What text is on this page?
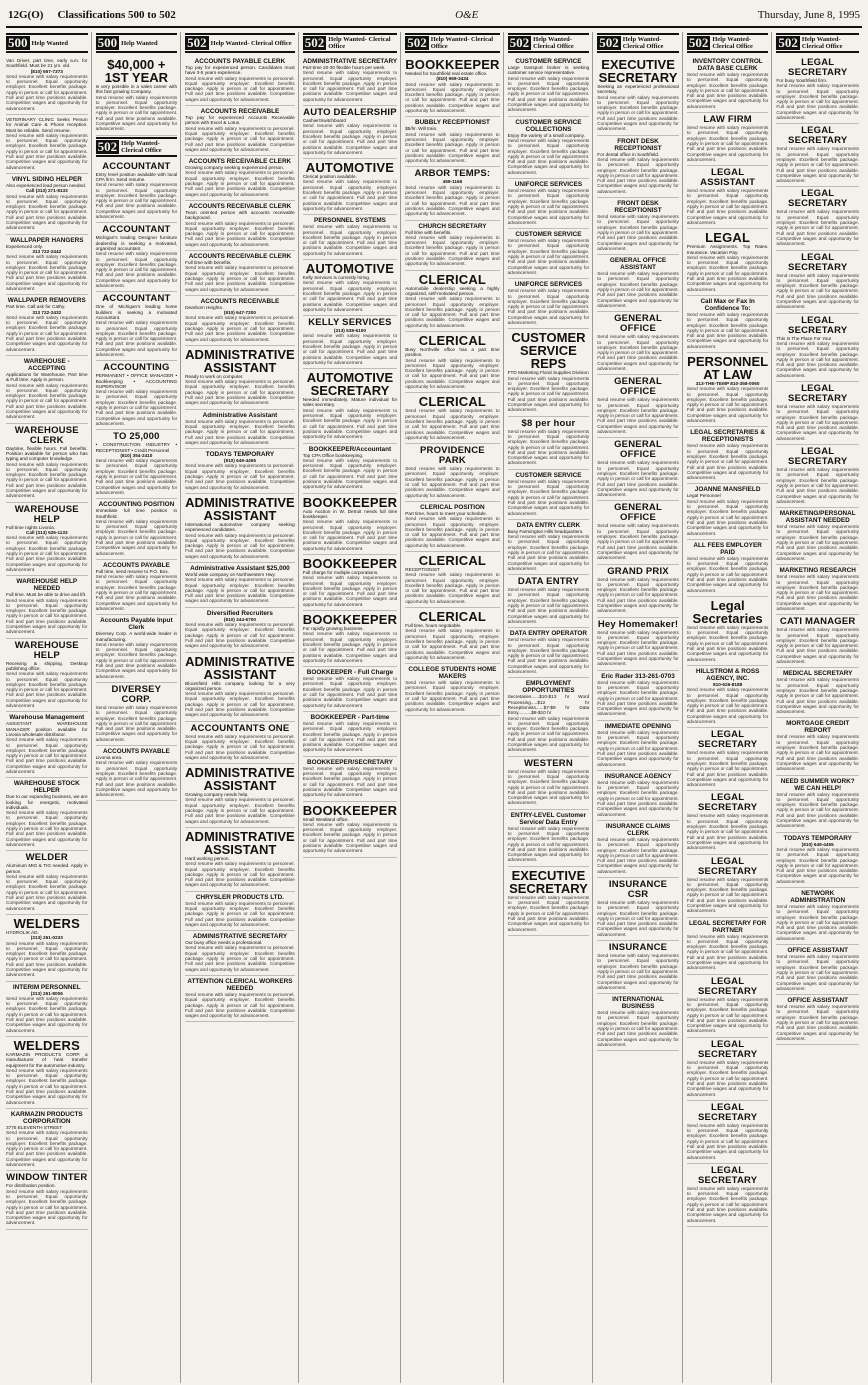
12G(O) Classifications 500 to 502	O&E	Thursday, June 8, 1995
500 Help Wanted
Van Driver, part time, early a.m. for Southfield. Must be 21 yrs. old.
(810) 557-7373
Send resume with salary requirements to personnel. Equal opportunity employer. Excellent benefits package. Apply in person or call for appointment. Full and part time positions available. Competitive wages and opportunity for advancement.
VETERINARY CLINIC Seeks Person for Animal Care & Phone reception. Must be reliable. Send resume.
Send resume with salary requirements to personnel. Equal opportunity employer. Excellent benefits package. Apply in person or call for appointment. Full and part time positions available. Competitive wages and opportunity for advancement.
VINYL SIDING HELPER
Also experienced lead person needed.
Call (313) 271-8133
Send resume with salary requirements to personnel. Equal opportunity employer. Excellent benefits package. Apply in person or call for appointment. Full and part time positions available. Competitive wages and opportunity for advancement.
WALLPAPER HANGERS
Experienced only.
313 722-2442
Send resume with salary requirements to personnel. Equal opportunity employer. Excellent benefits package. Apply in person or call for appointment. Full and part time positions available. Competitive wages and opportunity for advancement.
WALLPAPER REMOVERS
Part time. Call ask for Cathy.
313 722-2432
Send resume with salary requirements to personnel. Equal opportunity employer. Excellent benefits package. Apply in person or call for appointment. Full and part time positions available. Competitive wages and opportunity for advancement.
WAREHOUSE - ACCEPTING
Applications for Warehouse, Part time & Full time. Apply in person.
Send resume with salary requirements to personnel. Equal opportunity employer. Excellent benefits package. Apply in person or call for appointment. Full and part time positions available. Competitive wages and opportunity for advancement.
WAREHOUSE CLERK
Daytime, flexible hours. Full benefits. Position available for person who has typing and computer knowledge.
Send resume with salary requirements to personnel. Equal opportunity employer. Excellent benefits package. Apply in person or call for appointment. Full and part time positions available. Competitive wages and opportunity for advancement.
WAREHOUSE HELP
Full time nights Livonia.
Call (313) 525-1133
Send resume with salary requirements to personnel. Equal opportunity employer. Excellent benefits package. Apply in person or call for appointment. Full and part time positions available. Competitive wages and opportunity for advancement.
WAREHOUSE HELP NEEDED
Full time. Must be able to drive and lift.
Send resume with salary requirements to personnel. Equal opportunity employer. Excellent benefits package. Apply in person or call for appointment. Full and part time positions available. Competitive wages and opportunity for advancement.
WAREHOUSE HELP
Receiving & shipping. Desktop publishing office.
Send resume with salary requirements to personnel. Equal opportunity employer. Excellent benefits package. Apply in person or call for appointment. Full and part time positions available. Competitive wages and opportunity for advancement.
Warehouse Management
ASSISTANT WAREHOUSE MANAGER position available for Livonia wholesale distributor.
Send resume with salary requirements to personnel. Equal opportunity employer. Excellent benefits package. Apply in person or call for appointment. Full and part time positions available. Competitive wages and opportunity for advancement.
WAREHOUSE STOCK HELPER
Due to our expanding business, we are looking for energetic, motivated individuals.
Send resume with salary requirements to personnel. Equal opportunity employer. Excellent benefits package. Apply in person or call for appointment. Full and part time positions available. Competitive wages and opportunity for advancement.
WELDER
Aluminum MIG & TIG needed. Apply in person.
Send resume with salary requirements to personnel. Equal opportunity employer. Excellent benefits package. Apply in person or call for appointment. Full and part time positions available. Competitive wages and opportunity for advancement.
WELDERS
HYDROLIK AD.
(313) 261-0233
Send resume with salary requirements to personnel. Equal opportunity employer. Excellent benefits package. Apply in person or call for appointment. Full and part time positions available. Competitive wages and opportunity for advancement.
INTERIM PERSONNEL
(313) 261-8006
Send resume with salary requirements to personnel. Equal opportunity employer. Excellent benefits package. Apply in person or call for appointment. Full and part time positions available. Competitive wages and opportunity for advancement.
WELDERS
KARMAZIN PRODUCTS CORP. a manufacturer of heat transfer equipment for the automotive industry.
Send resume with salary requirements to personnel. Equal opportunity employer. Excellent benefits package. Apply in person or call for appointment. Full and part time positions available. Competitive wages and opportunity for advancement.
KARMAZIN PRODUCTS CORPORATION
3776 ELEVENTH STREET
Send resume with salary requirements to personnel. Equal opportunity employer. Excellent benefits package. Apply in person or call for appointment. Full and part time positions available. Competitive wages and opportunity for advancement.
WINDOW TINTER
For distribution position.
Send resume with salary requirements to personnel. Equal opportunity employer. Excellent benefits package. Apply in person or call for appointment. Full and part time positions available. Competitive wages and opportunity for advancement.
500 Help Wanted
$40,000 + 1ST YEAR
Is very possible in a sales career with this fast growing Company.
Send resume with salary requirements to personnel. Equal opportunity employer. Excellent benefits package. Apply in person or call for appointment. Full and part time positions available. Competitive wages and opportunity for advancement.
502 Help Wanted- Clerical Office
ACCOUNTANT
Entry level position available with local CPA firm. Send resume.
Send resume with salary requirements to personnel. Equal opportunity employer. Excellent benefits package. Apply in person or call for appointment. Full and part time positions available. Competitive wages and opportunity for advancement.
ACCOUNTANT
Michigan's leading Designer furniture dealership is seeking a motivated, organized accountant.
Send resume with salary requirements to personnel. Equal opportunity employer. Excellent benefits package. Apply in person or call for appointment. Full and part time positions available. Competitive wages and opportunity for advancement.
ACCOUNTANT
One of Michigan's leading home builders is seeking a motivated Accountant.
Send resume with salary requirements to personnel. Equal opportunity employer. Excellent benefits package. Apply in person or call for appointment. Full and part time positions available. Competitive wages and opportunity for advancement.
ACCOUNTING
PERMANENT • OFFICE MANAGER • Bookkeeping • ACCOUNTING SUPERVISOR
Send resume with salary requirements to personnel. Equal opportunity employer. Excellent benefits package. Apply in person or call for appointment. Full and part time positions available. Competitive wages and opportunity for advancement.
TO 25,000
• CONSTRUCTION INDUSTRY • RECEPTIONIST • Credit Personnel
(810) 354-2410
Send resume with salary requirements to personnel. Equal opportunity employer. Excellent benefits package. Apply in person or call for appointment. Full and part time positions available. Competitive wages and opportunity for advancement.
ACCOUNTING POSITION
Immediate full time position in Southfield.
Send resume with salary requirements to personnel. Equal opportunity employer. Excellent benefits package. Apply in person or call for appointment. Full and part time positions available. Competitive wages and opportunity for advancement.
ACCOUNTS PAYABLE
Full time, send resume to P.O. Box.
Send resume with salary requirements to personnel. Equal opportunity employer. Excellent benefits package. Apply in person or call for appointment. Full and part time positions available. Competitive wages and opportunity for advancement.
Accounts Payable Input Clerk
Diversey Corp. A world-wide leader in manufacturing.
Send resume with salary requirements to personnel. Equal opportunity employer. Excellent benefits package. Apply in person or call for appointment. Full and part time positions available. Competitive wages and opportunity for advancement.
DIVERSEY CORP.
Send resume with salary requirements to personnel. Equal opportunity employer. Excellent benefits package. Apply in person or call for appointment. Full and part time positions available. Competitive wages and opportunity for advancement.
ACCOUNTS PAYABLE
Livonia area.
Send resume with salary requirements to personnel. Equal opportunity employer. Excellent benefits package. Apply in person or call for appointment. Full and part time positions available. Competitive wages and opportunity for advancement.
502 Help Wanted- Clerical Office
ACCOUNTS PAYABLE CLERK
Top pay for experienced person. Candidates must have 3-5 years experience.
Send resume with salary requirements to personnel. Equal opportunity employer. Excellent benefits package. Apply in person or call for appointment. Full and part time positions available. Competitive wages and opportunity for advancement.
ACCOUNTS RECEIVABLE
Top pay for experienced Accounts Receivable person with Excel & Lotus.
Send resume with salary requirements to personnel. Equal opportunity employer. Excellent benefits package. Apply in person or call for appointment. Full and part time positions available. Competitive wages and opportunity for advancement.
ACCOUNTS RECEIVABLE CLERK
Growing company seeking experienced person.
Send resume with salary requirements to personnel. Equal opportunity employer. Excellent benefits package. Apply in person or call for appointment. Full and part time positions available. Competitive wages and opportunity for advancement.
ACCOUNTS RECEIVABLE CLERK
Team oriented person with accounts receivable background.
Send resume with salary requirements to personnel. Equal opportunity employer. Excellent benefits package. Apply in person or call for appointment. Full and part time positions available. Competitive wages and opportunity for advancement.
ACCOUNTS RECEIVABLE CLERK
Full time with benefits.
Send resume with salary requirements to personnel. Equal opportunity employer. Excellent benefits package. Apply in person or call for appointment. Full and part time positions available. Competitive wages and opportunity for advancement.
ACCOUNTS RECEIVABLE
Dearborn Heights.
(810) 647-7200
Send resume with salary requirements to personnel. Equal opportunity employer. Excellent benefits package. Apply in person or call for appointment. Full and part time positions available. Competitive wages and opportunity for advancement.
ADMINISTRATIVE ASSISTANT
Ready to work on computer.
Send resume with salary requirements to personnel. Equal opportunity employer. Excellent benefits package. Apply in person or call for appointment. Full and part time positions available. Competitive wages and opportunity for advancement.
Administrative Assistant
Send resume with salary requirements to personnel. Equal opportunity employer. Excellent benefits package. Apply in person or call for appointment. Full and part time positions available. Competitive wages and opportunity for advancement.
TODAYS TEMPORARY
(810) 649-4455
Send resume with salary requirements to personnel. Equal opportunity employer. Excellent benefits package. Apply in person or call for appointment. Full and part time positions available. Competitive wages and opportunity for advancement.
ADMINISTRATIVE ASSISTANT
International automotive company seeking experienced candidates.
Send resume with salary requirements to personnel. Equal opportunity employer. Excellent benefits package. Apply in person or call for appointment. Full and part time positions available. Competitive wages and opportunity for advancement.
Administrative Assistant $25,000
World wide company on Northwestern Hwy.
Send resume with salary requirements to personnel. Equal opportunity employer. Excellent benefits package. Apply in person or call for appointment. Full and part time positions available. Competitive wages and opportunity for advancement.
Diversified Recruiters
(810) 344-6700
Send resume with salary requirements to personnel. Equal opportunity employer. Excellent benefits package. Apply in person or call for appointment. Full and part time positions available. Competitive wages and opportunity for advancement.
ADMINISTRATIVE ASSISTANT
Bloomfield Hills company looking for a very organized person.
Send resume with salary requirements to personnel. Equal opportunity employer. Excellent benefits package. Apply in person or call for appointment. Full and part time positions available. Competitive wages and opportunity for advancement.
ACCOUNTANTS ONE
Send resume with salary requirements to personnel. Equal opportunity employer. Excellent benefits package. Apply in person or call for appointment. Full and part time positions available. Competitive wages and opportunity for advancement.
ADMINISTRATIVE ASSISTANT
Growing company needs help.
Send resume with salary requirements to personnel. Equal opportunity employer. Excellent benefits package. Apply in person or call for appointment. Full and part time positions available. Competitive wages and opportunity for advancement.
ADMINISTRATIVE ASSISTANT
Hard working person.
Send resume with salary requirements to personnel. Equal opportunity employer. Excellent benefits package. Apply in person or call for appointment. Full and part time positions available. Competitive wages and opportunity for advancement.
CHRYSLER PRODUCTS LTD.
Send resume with salary requirements to personnel. Equal opportunity employer. Excellent benefits package. Apply in person or call for appointment. Full and part time positions available. Competitive wages and opportunity for advancement.
ADMINISTRATIVE SECRETARY
Our busy office needs a professional.
Send resume with salary requirements to personnel. Equal opportunity employer. Excellent benefits package. Apply in person or call for appointment. Full and part time positions available. Competitive wages and opportunity for advancement.
ATTENTION CLERICAL WORKERS NEEDED
Send resume with salary requirements to personnel. Equal opportunity employer. Excellent benefits package. Apply in person or call for appointment. Full and part time positions available. Competitive wages and opportunity for advancement.
502 Help Wanted- Clerical Office
ADMINISTRATIVE SECRETARY
Part-time 20-30 flexible hours per week.
Send resume with salary requirements to personnel. Equal opportunity employer. Excellent benefits package. Apply in person or call for appointment. Full and part time positions available. Competitive wages and opportunity for advancement.
AUTO DEALERSHIP
Cashier/Switchboard
Send resume with salary requirements to personnel. Equal opportunity employer. Excellent benefits package. Apply in person or call for appointment. Full and part time positions available. Competitive wages and opportunity for advancement.
AUTOMOTIVE
Clerical position available.
Send resume with salary requirements to personnel. Equal opportunity employer. Excellent benefits package. Apply in person or call for appointment. Full and part time positions available. Competitive wages and opportunity for advancement.
PERSONNEL SYSTEMS
Send resume with salary requirements to personnel. Equal opportunity employer. Excellent benefits package. Apply in person or call for appointment. Full and part time positions available. Competitive wages and opportunity for advancement.
AUTOMOTIVE
Kelly Services is currently hiring.
Send resume with salary requirements to personnel. Equal opportunity employer. Excellent benefits package. Apply in person or call for appointment. Full and part time positions available. Competitive wages and opportunity for advancement.
KELLY SERVICES
(313) 538-6100
Send resume with salary requirements to personnel. Equal opportunity employer. Excellent benefits package. Apply in person or call for appointment. Full and part time positions available. Competitive wages and opportunity for advancement.
AUTOMOTIVE SECRETARY
Needed immediately. Mature individual for sales secretary.
Send resume with salary requirements to personnel. Equal opportunity employer. Excellent benefits package. Apply in person or call for appointment. Full and part time positions available. Competitive wages and opportunity for advancement.
BOOKKEEPER/Accountant
Top CPA Office bookkeeping.
Send resume with salary requirements to personnel. Equal opportunity employer. Excellent benefits package. Apply in person or call for appointment. Full and part time positions available. Competitive wages and opportunity for advancement.
BOOKKEEPER
Auto Auction in W. Detroit needs full time bookkeeper.
Send resume with salary requirements to personnel. Equal opportunity employer. Excellent benefits package. Apply in person or call for appointment. Full and part time positions available. Competitive wages and opportunity for advancement.
BOOKKEEPER
Full charge for multiple corporations.
Send resume with salary requirements to personnel. Equal opportunity employer. Excellent benefits package. Apply in person or call for appointment. Full and part time positions available. Competitive wages and opportunity for advancement.
BOOKKEEPER
For rapidly growing business.
Send resume with salary requirements to personnel. Equal opportunity employer. Excellent benefits package. Apply in person or call for appointment. Full and part time positions available. Competitive wages and opportunity for advancement.
BOOKKEEPER - Full Charge
Send resume with salary requirements to personnel. Equal opportunity employer. Excellent benefits package. Apply in person or call for appointment. Full and part time positions available. Competitive wages and opportunity for advancement.
BOOKKEEPER - Part-time
Send resume with salary requirements to personnel. Equal opportunity employer. Excellent benefits package. Apply in person or call for appointment. Full and part time positions available. Competitive wages and opportunity for advancement.
BOOKKEEPER/SECRETARY
Send resume with salary requirements to personnel. Equal opportunity employer. Excellent benefits package. Apply in person or call for appointment. Full and part time positions available. Competitive wages and opportunity for advancement.
BOOKKEEPER
Small Westland office.
Send resume with salary requirements to personnel. Equal opportunity employer. Excellent benefits package. Apply in person or call for appointment. Full and part time positions available. Competitive wages and opportunity for advancement.
502 Help Wanted- Clerical Office
BOOKKEEPER
Needed for Southfield real estate office.
(810) 969-3434
Send resume with salary requirements to personnel. Equal opportunity employer. Excellent benefits package. Apply in person or call for appointment. Full and part time positions available. Competitive wages and opportunity for advancement.
BUBBLY RECEPTIONIST
$5/hr. Will train.
Send resume with salary requirements to personnel. Equal opportunity employer. Excellent benefits package. Apply in person or call for appointment. Full and part time positions available. Competitive wages and opportunity for advancement.
ARBOR TEMPS:
459-1166
Send resume with salary requirements to personnel. Equal opportunity employer. Excellent benefits package. Apply in person or call for appointment. Full and part time positions available. Competitive wages and opportunity for advancement.
CHURCH SECRETARY
Full time with benefits.
Send resume with salary requirements to personnel. Equal opportunity employer. Excellent benefits package. Apply in person or call for appointment. Full and part time positions available. Competitive wages and opportunity for advancement.
CLERICAL
Automobile dealership seeking a highly organized, self-motivated person.
Send resume with salary requirements to personnel. Equal opportunity employer. Excellent benefits package. Apply in person or call for appointment. Full and part time positions available. Competitive wages and opportunity for advancement.
CLERICAL
Busy Northville office has a part time position.
Send resume with salary requirements to personnel. Equal opportunity employer. Excellent benefits package. Apply in person or call for appointment. Full and part time positions available. Competitive wages and opportunity for advancement.
CLERICAL
Send resume with salary requirements to personnel. Equal opportunity employer. Excellent benefits package. Apply in person or call for appointment. Full and part time positions available. Competitive wages and opportunity for advancement.
PROVIDENCE PARK
Send resume with salary requirements to personnel. Equal opportunity employer. Excellent benefits package. Apply in person or call for appointment. Full and part time positions available. Competitive wages and opportunity for advancement.
CLERICAL POSITION
Part time, hours to meet your schedule.
Send resume with salary requirements to personnel. Equal opportunity employer. Excellent benefits package. Apply in person or call for appointment. Full and part time positions available. Competitive wages and opportunity for advancement.
CLERICAL
RECEPTIONIST
Send resume with salary requirements to personnel. Equal opportunity employer. Excellent benefits package. Apply in person or call for appointment. Full and part time positions available. Competitive wages and opportunity for advancement.
CLERICAL
Full time, hours negotiable.
Send resume with salary requirements to personnel. Equal opportunity employer. Excellent benefits package. Apply in person or call for appointment. Full and part time positions available. Competitive wages and opportunity for advancement.
COLLEGE STUDENTS HOME MAKERS
Send resume with salary requirements to personnel. Equal opportunity employer. Excellent benefits package. Apply in person or call for appointment. Full and part time positions available. Competitive wages and opportunity for advancement.
502 Help Wanted- Clerical Office
CUSTOMER SERVICE
Large transport broker is seeking customer service representative.
Send resume with salary requirements to personnel. Equal opportunity employer. Excellent benefits package. Apply in person or call for appointment. Full and part time positions available. Competitive wages and opportunity for advancement.
CUSTOMER SERVICE COLLECTIONS
Enjoy the variety of a small company.
Send resume with salary requirements to personnel. Equal opportunity employer. Excellent benefits package. Apply in person or call for appointment. Full and part time positions available. Competitive wages and opportunity for advancement.
UNIFORCE SERVICES
Send resume with salary requirements to personnel. Equal opportunity employer. Excellent benefits package. Apply in person or call for appointment. Full and part time positions available. Competitive wages and opportunity for advancement.
CUSTOMER SERVICE
Send resume with salary requirements to personnel. Equal opportunity employer. Excellent benefits package. Apply in person or call for appointment. Full and part time positions available. Competitive wages and opportunity for advancement.
UNIFORCE SERVICES
Send resume with salary requirements to personnel. Equal opportunity employer. Excellent benefits package. Apply in person or call for appointment. Full and part time positions available. Competitive wages and opportunity for advancement.
CUSTOMER SERVICE REPS
FTD Marketing Floral Supplies Division
Send resume with salary requirements to personnel. Equal opportunity employer. Excellent benefits package. Apply in person or call for appointment. Full and part time positions available. Competitive wages and opportunity for advancement.
$8 per hour
Send resume with salary requirements to personnel. Equal opportunity employer. Excellent benefits package. Apply in person or call for appointment. Full and part time positions available. Competitive wages and opportunity for advancement.
CUSTOMER SERVICE
Send resume with salary requirements to personnel. Equal opportunity employer. Excellent benefits package. Apply in person or call for appointment. Full and part time positions available. Competitive wages and opportunity for advancement.
DATA ENTRY CLERK
Busy Farmington Hills headquarters.
Send resume with salary requirements to personnel. Equal opportunity employer. Excellent benefits package. Apply in person or call for appointment. Full and part time positions available. Competitive wages and opportunity for advancement.
DATA ENTRY
Send resume with salary requirements to personnel. Equal opportunity employer. Excellent benefits package. Apply in person or call for appointment. Full and part time positions available. Competitive wages and opportunity for advancement.
DATA ENTRY OPERATOR
Send resume with salary requirements to personnel. Equal opportunity employer. Excellent benefits package. Apply in person or call for appointment. Full and part time positions available. Competitive wages and opportunity for advancement.
EMPLOYMENT OPPORTUNITIES
Secretaries......$10-$13 hr Word Processing.....$12 hr Receptionists......$7-$9 hr Data Entry..........$8-$10 hr
Send resume with salary requirements to personnel. Equal opportunity employer. Excellent benefits package. Apply in person or call for appointment. Full and part time positions available. Competitive wages and opportunity for advancement.
WESTERN
Send resume with salary requirements to personnel. Equal opportunity employer. Excellent benefits package. Apply in person or call for appointment. Full and part time positions available. Competitive wages and opportunity for advancement.
ENTRY-LEVEL Customer Service/ Data Entry
Send resume with salary requirements to personnel. Equal opportunity employer. Excellent benefits package. Apply in person or call for appointment. Full and part time positions available. Competitive wages and opportunity for advancement.
EXECUTIVE SECRETARY
Send resume with salary requirements to personnel. Equal opportunity employer. Excellent benefits package. Apply in person or call for appointment. Full and part time positions available. Competitive wages and opportunity for advancement.
502 Help Wanted- Clerical Office
EXECUTIVE SECRETARY
Seeking an experienced professional secretary.
Send resume with salary requirements to personnel. Equal opportunity employer. Excellent benefits package. Apply in person or call for appointment. Full and part time positions available. Competitive wages and opportunity for advancement.
FRONT DESK RECEPTIONIST
For dental office in Southfield.
Send resume with salary requirements to personnel. Equal opportunity employer. Excellent benefits package. Apply in person or call for appointment. Full and part time positions available. Competitive wages and opportunity for advancement.
FRONT DESK RECEPTIONIST
Send resume with salary requirements to personnel. Equal opportunity employer. Excellent benefits package. Apply in person or call for appointment. Full and part time positions available. Competitive wages and opportunity for advancement.
GENERAL OFFICE ASSISTANT
Send resume with salary requirements to personnel. Equal opportunity employer. Excellent benefits package. Apply in person or call for appointment. Full and part time positions available. Competitive wages and opportunity for advancement.
GENERAL OFFICE
Send resume with salary requirements to personnel. Equal opportunity employer. Excellent benefits package. Apply in person or call for appointment. Full and part time positions available. Competitive wages and opportunity for advancement.
GENERAL OFFICE
Send resume with salary requirements to personnel. Equal opportunity employer. Excellent benefits package. Apply in person or call for appointment. Full and part time positions available. Competitive wages and opportunity for advancement.
GENERAL OFFICE
Send resume with salary requirements to personnel. Equal opportunity employer. Excellent benefits package. Apply in person or call for appointment. Full and part time positions available. Competitive wages and opportunity for advancement.
GENERAL OFFICE
Send resume with salary requirements to personnel. Equal opportunity employer. Excellent benefits package. Apply in person or call for appointment. Full and part time positions available. Competitive wages and opportunity for advancement.
GRAND PRIX
Send resume with salary requirements to personnel. Equal opportunity employer. Excellent benefits package. Apply in person or call for appointment. Full and part time positions available. Competitive wages and opportunity for advancement.
Hey Homemaker!
Send resume with salary requirements to personnel. Equal opportunity employer. Excellent benefits package. Apply in person or call for appointment. Full and part time positions available. Competitive wages and opportunity for advancement.
Eric Rader 313-261-0703
Send resume with salary requirements to personnel. Equal opportunity employer. Excellent benefits package. Apply in person or call for appointment. Full and part time positions available. Competitive wages and opportunity for advancement.
IMMEDIATE OPENING
Send resume with salary requirements to personnel. Equal opportunity employer. Excellent benefits package. Apply in person or call for appointment. Full and part time positions available. Competitive wages and opportunity for advancement.
INSURANCE AGENCY
Send resume with salary requirements to personnel. Equal opportunity employer. Excellent benefits package. Apply in person or call for appointment. Full and part time positions available. Competitive wages and opportunity for advancement.
INSURANCE CLAIMS CLERK
Send resume with salary requirements to personnel. Equal opportunity employer. Excellent benefits package. Apply in person or call for appointment. Full and part time positions available. Competitive wages and opportunity for advancement.
INSURANCE CSR
Send resume with salary requirements to personnel. Equal opportunity employer. Excellent benefits package. Apply in person or call for appointment. Full and part time positions available. Competitive wages and opportunity for advancement.
INSURANCE
Send resume with salary requirements to personnel. Equal opportunity employer. Excellent benefits package. Apply in person or call for appointment. Full and part time positions available. Competitive wages and opportunity for advancement.
INTERNATIONAL BUSINESS
Send resume with salary requirements to personnel. Equal opportunity employer. Excellent benefits package. Apply in person or call for appointment. Full and part time positions available. Competitive wages and opportunity for advancement.
502 Help Wanted- Clerical Office
INVENTORY CONTROL DATA BASE CLERK
Send resume with salary requirements to personnel. Equal opportunity employer. Excellent benefits package. Apply in person or call for appointment. Full and part time positions available. Competitive wages and opportunity for advancement.
LAW FIRM
Send resume with salary requirements to personnel. Equal opportunity employer. Excellent benefits package. Apply in person or call for appointment. Full and part time positions available. Competitive wages and opportunity for advancement.
LEGAL ASSISTANT
Send resume with salary requirements to personnel. Equal opportunity employer. Excellent benefits package. Apply in person or call for appointment. Full and part time positions available. Competitive wages and opportunity for advancement.
LEGAL
Premium Assignments. Top Rates. Insurance. Vacation Pay.
Send resume with salary requirements to personnel. Equal opportunity employer. Excellent benefits package. Apply in person or call for appointment. Full and part time positions available. Competitive wages and opportunity for advancement.
Call Max or Fax In Confidence To:
Send resume with salary requirements to personnel. Equal opportunity employer. Excellent benefits package. Apply in person or call for appointment. Full and part time positions available. Competitive wages and opportunity for advancement.
PERSONNEL AT LAW
313-THE-TEMP 810-358-0060
Send resume with salary requirements to personnel. Equal opportunity employer. Excellent benefits package. Apply in person or call for appointment. Full and part time positions available. Competitive wages and opportunity for advancement.
LEGAL SECRETARIES & RECEPTIONISTS
Send resume with salary requirements to personnel. Equal opportunity employer. Excellent benefits package. Apply in person or call for appointment. Full and part time positions available. Competitive wages and opportunity for advancement.
JOANNE MANSFIELD
Legal Personnel
Send resume with salary requirements to personnel. Equal opportunity employer. Excellent benefits package. Apply in person or call for appointment. Full and part time positions available. Competitive wages and opportunity for advancement.
ALL FEES EMPLOYER PAID
Send resume with salary requirements to personnel. Equal opportunity employer. Excellent benefits package. Apply in person or call for appointment. Full and part time positions available. Competitive wages and opportunity for advancement.
Legal Secretaries
Send resume with salary requirements to personnel. Equal opportunity employer. Excellent benefits package. Apply in person or call for appointment. Full and part time positions available. Competitive wages and opportunity for advancement.
HILLSTROM & ROSS AGENCY, INC.
810-626-8188
Send resume with salary requirements to personnel. Equal opportunity employer. Excellent benefits package. Apply in person or call for appointment. Full and part time positions available. Competitive wages and opportunity for advancement.
LEGAL SECRETARY
Send resume with salary requirements to personnel. Equal opportunity employer. Excellent benefits package. Apply in person or call for appointment. Full and part time positions available. Competitive wages and opportunity for advancement.
LEGAL SECRETARY
Send resume with salary requirements to personnel. Equal opportunity employer. Excellent benefits package. Apply in person or call for appointment. Full and part time positions available. Competitive wages and opportunity for advancement.
LEGAL SECRETARY
Send resume with salary requirements to personnel. Equal opportunity employer. Excellent benefits package. Apply in person or call for appointment. Full and part time positions available. Competitive wages and opportunity for advancement.
LEGAL SECRETARY FOR PARTNER
Send resume with salary requirements to personnel. Equal opportunity employer. Excellent benefits package. Apply in person or call for appointment. Full and part time positions available. Competitive wages and opportunity for advancement.
LEGAL SECRETARY
Send resume with salary requirements to personnel. Equal opportunity employer. Excellent benefits package. Apply in person or call for appointment. Full and part time positions available. Competitive wages and opportunity for advancement.
LEGAL SECRETARY
Send resume with salary requirements to personnel. Equal opportunity employer. Excellent benefits package. Apply in person or call for appointment. Full and part time positions available. Competitive wages and opportunity for advancement.
LEGAL SECRETARY
Send resume with salary requirements to personnel. Equal opportunity employer. Excellent benefits package. Apply in person or call for appointment. Full and part time positions available. Competitive wages and opportunity for advancement.
LEGAL SECRETARY
Send resume with salary requirements to personnel. Equal opportunity employer. Excellent benefits package. Apply in person or call for appointment. Full and part time positions available. Competitive wages and opportunity for advancement.
502 Help Wanted- Clerical Office
LEGAL SECRETARY
For busy Southfield firm.
Send resume with salary requirements to personnel. Equal opportunity employer. Excellent benefits package. Apply in person or call for appointment. Full and part time positions available. Competitive wages and opportunity for advancement.
LEGAL SECRETARY
Send resume with salary requirements to personnel. Equal opportunity employer. Excellent benefits package. Apply in person or call for appointment. Full and part time positions available. Competitive wages and opportunity for advancement.
LEGAL SECRETARY
Send resume with salary requirements to personnel. Equal opportunity employer. Excellent benefits package. Apply in person or call for appointment. Full and part time positions available. Competitive wages and opportunity for advancement.
LEGAL SECRETARY
Send resume with salary requirements to personnel. Equal opportunity employer. Excellent benefits package. Apply in person or call for appointment. Full and part time positions available. Competitive wages and opportunity for advancement.
LEGAL SECRETARY
This Is The Place For You!
Send resume with salary requirements to personnel. Equal opportunity employer. Excellent benefits package. Apply in person or call for appointment. Full and part time positions available. Competitive wages and opportunity for advancement.
LEGAL SECRETARY
Send resume with salary requirements to personnel. Equal opportunity employer. Excellent benefits package. Apply in person or call for appointment. Full and part time positions available. Competitive wages and opportunity for advancement.
LEGAL SECRETARY
Send resume with salary requirements to personnel. Equal opportunity employer. Excellent benefits package. Apply in person or call for appointment. Full and part time positions available. Competitive wages and opportunity for advancement.
MARKETING/PERSONAL ASSISTANT NEEDED
Send resume with salary requirements to personnel. Equal opportunity employer. Excellent benefits package. Apply in person or call for appointment. Full and part time positions available. Competitive wages and opportunity for advancement.
MARKETING RESEARCH
Send resume with salary requirements to personnel. Equal opportunity employer. Excellent benefits package. Apply in person or call for appointment. Full and part time positions available. Competitive wages and opportunity for advancement.
CATI MANAGER
Send resume with salary requirements to personnel. Equal opportunity employer. Excellent benefits package. Apply in person or call for appointment. Full and part time positions available. Competitive wages and opportunity for advancement.
MEDICAL SECRETARY
Send resume with salary requirements to personnel. Equal opportunity employer. Excellent benefits package. Apply in person or call for appointment. Full and part time positions available. Competitive wages and opportunity for advancement.
MORTGAGE CREDIT REPORT
Send resume with salary requirements to personnel. Equal opportunity employer. Excellent benefits package. Apply in person or call for appointment. Full and part time positions available. Competitive wages and opportunity for advancement.
NEED SUMMER WORK? WE CAN HELP!
Send resume with salary requirements to personnel. Equal opportunity employer. Excellent benefits package. Apply in person or call for appointment. Full and part time positions available. Competitive wages and opportunity for advancement.
TODAYS TEMPORARY
(810) 649-4455
Send resume with salary requirements to personnel. Equal opportunity employer. Excellent benefits package. Apply in person or call for appointment. Full and part time positions available. Competitive wages and opportunity for advancement.
NETWORK ADMINISTRATION
Send resume with salary requirements to personnel. Equal opportunity employer. Excellent benefits package. Apply in person or call for appointment. Full and part time positions available. Competitive wages and opportunity for advancement.
OFFICE ASSISTANT
Send resume with salary requirements to personnel. Equal opportunity employer. Excellent benefits package. Apply in person or call for appointment. Full and part time positions available. Competitive wages and opportunity for advancement.
OFFICE ASSISTANT
Send resume with salary requirements to personnel. Equal opportunity employer. Excellent benefits package. Apply in person or call for appointment. Full and part time positions available. Competitive wages and opportunity for advancement.
